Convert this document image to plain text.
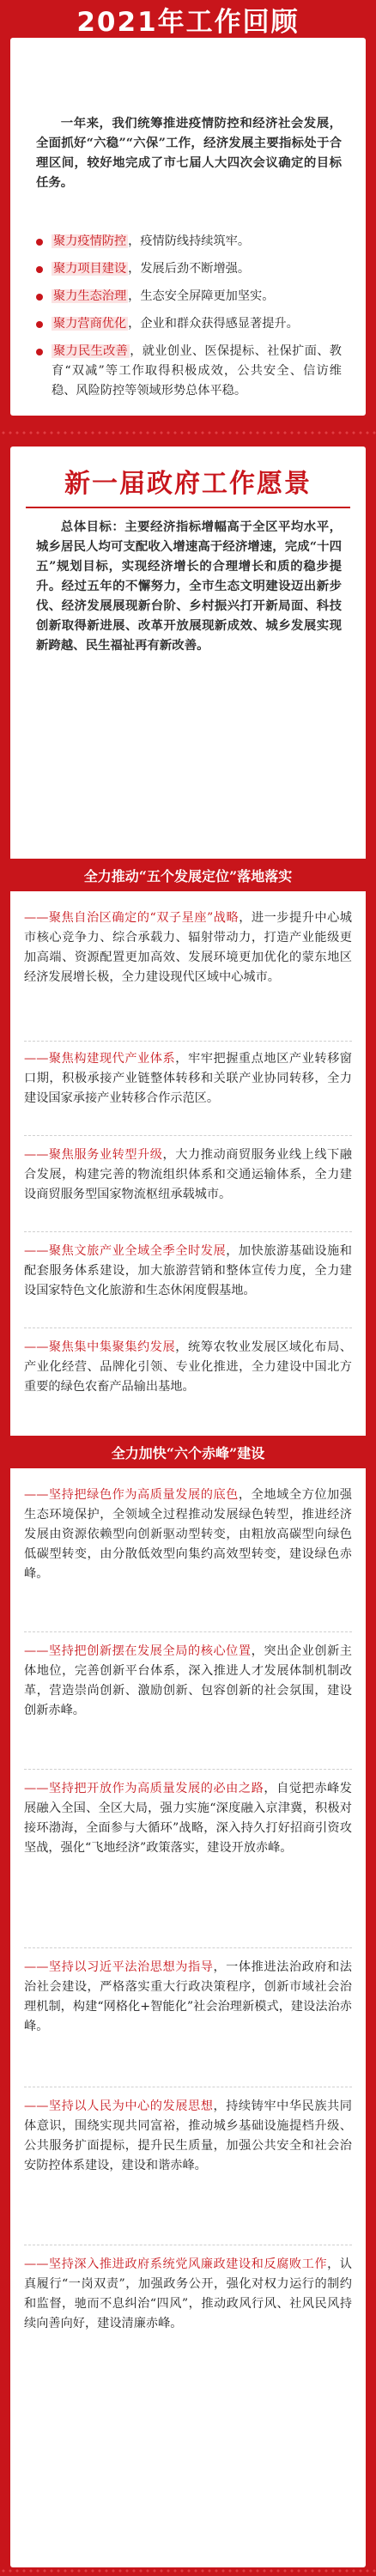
2021年工作回顾

一年来，我们统筹推进疫情防控和经济社会发展，全面抓好“六稳”“六保”工作，经济发展主要指标处于合理区间，较好地完成了市七届人大四次会议确定的目标任务。

聚力疫情防控 ，疫情防线持续筑牢。
聚力项目建设 ，发展后劲不断增强。
聚力生态治理 ，生态安全屏障更加坚实。
聚力营商优化 ，企业和群众获得感显著提升。
聚力民生改善 ，就业创业、医保提标、社保扩面、教育“双减”等工作取得积极成效，公共安全、信访维稳、风险防控等领域形势总体平稳。
新一届政府工作愿景

总体目标：主要经济指标增幅高于全区平均水平，城乡居民人均可支配收入增速高于经济增速，完成“十四五”规划目标，实现经济增长的合理增长和质的稳步提升。经过五年的不懈努力，全市生态文明建设迈出新步伐、经济发展展现新台阶、乡村振兴打开新局面、科技创新取得新进展、改革开放展现新成效、城乡发展实现新跨越、民生福祉再有新改善。

全力推动“五个发展定位”落地落实
——聚焦自治区确定的“双子星座”战略，进一步提升中心城市核心竞争力、综合承载力、辐射带动力，打造产业能级更加高端、资源配置更加高效、发展环境更加优化的蒙东地区经济发展增长极，全力建设现代区域中心城市。
——聚焦构建现代产业体系，牢牢把握重点地区产业转移窗口期，积极承接产业链整体转移和关联产业协同转移，全力建设国家承接产业转移合作示范区。
——聚焦服务业转型升级，大力推动商贸服务业线上线下融合发展，构建完善的物流组织体系和交通运输体系，全力建设商贸服务型国家物流枢纽承载城市。
——聚焦文旅产业全域全季全时发展，加快旅游基础设施和配套服务体系建设，加大旅游营销和整体宣传力度，全力建设国家特色文化旅游和生态休闲度假基地。
——聚焦集中集聚集约发展，统筹农牧业发展区域化布局、产业化经营、品牌化引领、专业化推进，全力建设中国北方重要的绿色农畜产品输出基地。
全力加快“六个赤峰”建设
——坚持把绿色作为高质量发展的底色，全地域全方位加强生态环境保护，全领域全过程推动发展绿色转型，推进经济发展由资源依赖型向创新驱动型转变，由粗放高碳型向绿色低碳型转变，由分散低效型向集约高效型转变，建设绿色赤峰。
——坚持把创新摆在发展全局的核心位置，突出企业创新主体地位，完善创新平台体系，深入推进人才发展体制机制改革，营造崇尚创新、激励创新、包容创新的社会氛围，建设创新赤峰。
——坚持把开放作为高质量发展的必由之路，自觉把赤峰发展融入全国、全区大局，强力实施“深度融入京津冀，积极对接环渤海，全面参与大循环”战略，深入持久打好招商引资攻坚战，强化“飞地经济”政策落实，建设开放赤峰。
——坚持以习近平法治思想为指导，一体推进法治政府和法治社会建设，严格落实重大行政决策程序，创新市域社会治理机制，构建“网格化+智能化”社会治理新模式，建设法治赤峰。
——坚持以人民为中心的发展思想，持续铸牢中华民族共同体意识，围绕实现共同富裕，推动城乡基础设施提档升级、公共服务扩面提标，提升民生质量，加强公共安全和社会治安防控体系建设，建设和谐赤峰。
——坚持深入推进政府系统党风廉政建设和反腐败工作，认真履行“一岗双责”，加强政务公开，强化对权力运行的制约和监督，驰而不息纠治“四风”，推动政风行风、社风民风持续向善向好，建设清廉赤峰。
